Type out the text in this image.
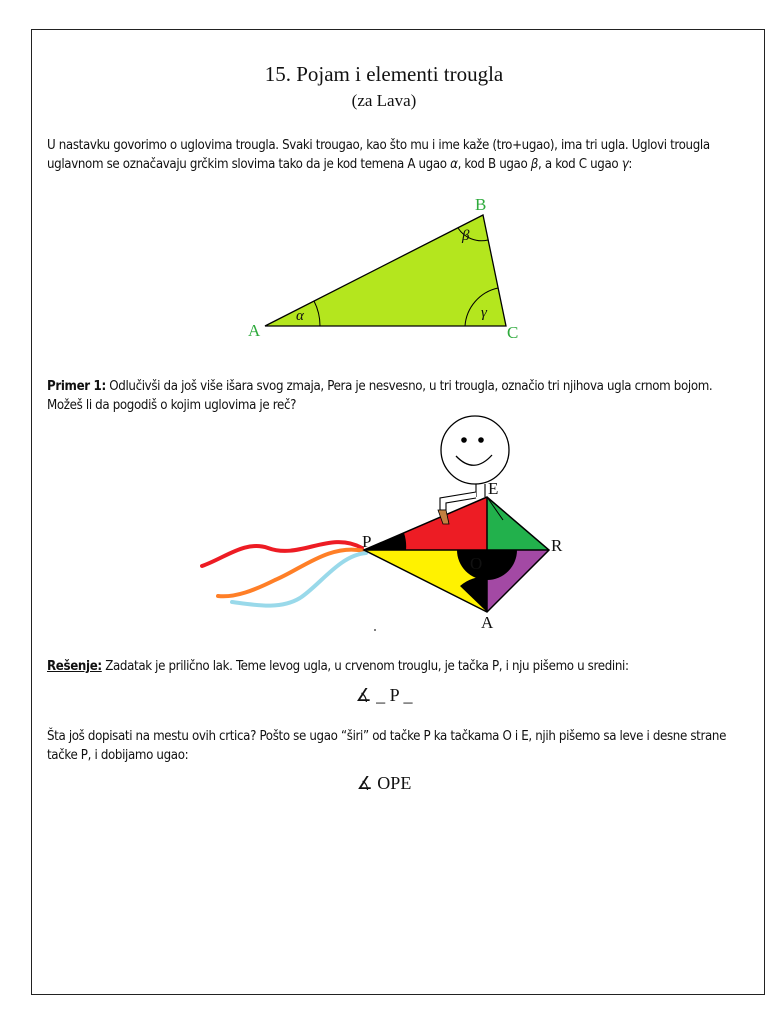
15. Pojam i elementi trougla
(za Lava)
U nastavku govorimo o uglovima trougla. Svaki trougao, kao što mu i ime kaže (tro+ugao), ima tri ugla. Uglovi trougla uglavnom se označavaju grčkim slovima tako da je kod temena A ugao α, kod B ugao β, a kod C ugao γ:
A
B
C
α
β
γ
Primer 1: Odlučivši da još više išara svog zmaja, Pera je nesvesno, u tri trougla, označio tri njihova ugla crnom bojom. Možeš li da pogodiš o kojim uglovima je reč?
P
E
R
O
A
Rešenje: Zadatak je prilično lak. Teme levog ugla, u crvenom trouglu, je tačka P, i nju pišemo u sredini:
∡ _ P _
Šta još dopisati na mestu ovih crtica? Pošto se ugao “širi” od tačke P ka tačkama O i E, njih pišemo sa leve i desne strane tačke P, i dobijamo ugao:
∡ OPE
